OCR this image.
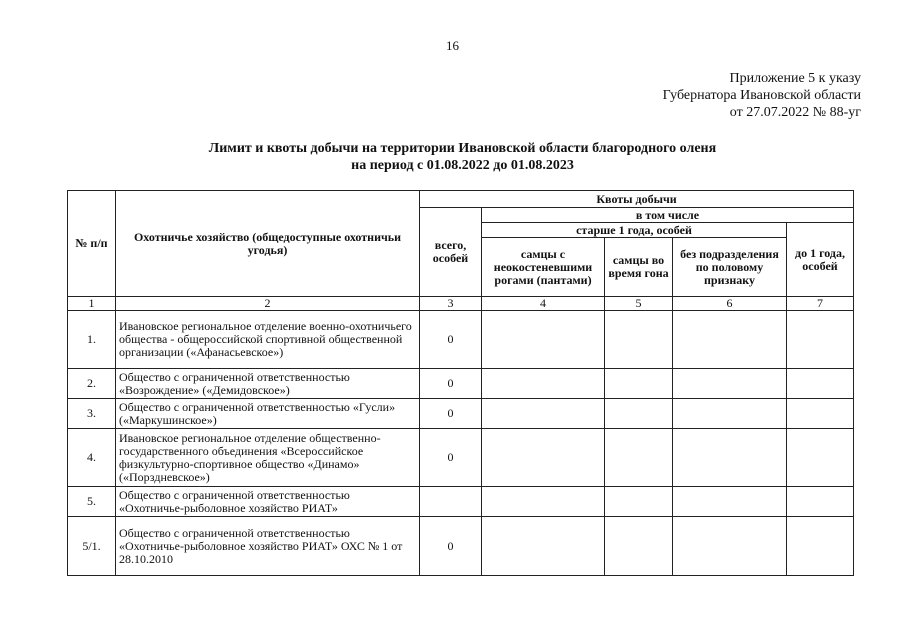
16
Приложение 5 к указу
Губернатора Ивановской области
от 27.07.2022 № 88-уг
Лимит и квоты добычи на территории Ивановской области благородного оленя
на период с 01.08.2022 до 01.08.2023
№ п/п	Охотничье хозяйство (общедоступные охотничьи угодья)	Квоты добычи				
		всего, особей	в том числе			
			старше 1 года, особей			до 1 года, особей
			самцы с неокостеневшими рогами (пантами)	самцы во время гона	без подразделения по половому признаку	
1	2	3	4	5	6	7
1.	Ивановское региональное отделение военно-охотничьего общества - общероссийской спортивной общественной организации («Афанасьевское»)	0				
2.	Общество с ограниченной ответственностью «Возрождение» («Демидовское»)	0				
3.	Общество с ограниченной ответственностью «Гусли» («Маркушинское»)	0				
4.	Ивановское региональное отделение общественно-государственного объединения «Всероссийское физкультурно-спортивное общество «Динамо» («Порздневское»)	0				
5.	Общество с ограниченной ответственностью «Охотничье-рыболовное хозяйство РИАТ»					
5/1.	Общество с ограниченной ответственностью «Охотничье-рыболовное хозяйство РИАТ» ОХС № 1 от 28.10.2010	0				
